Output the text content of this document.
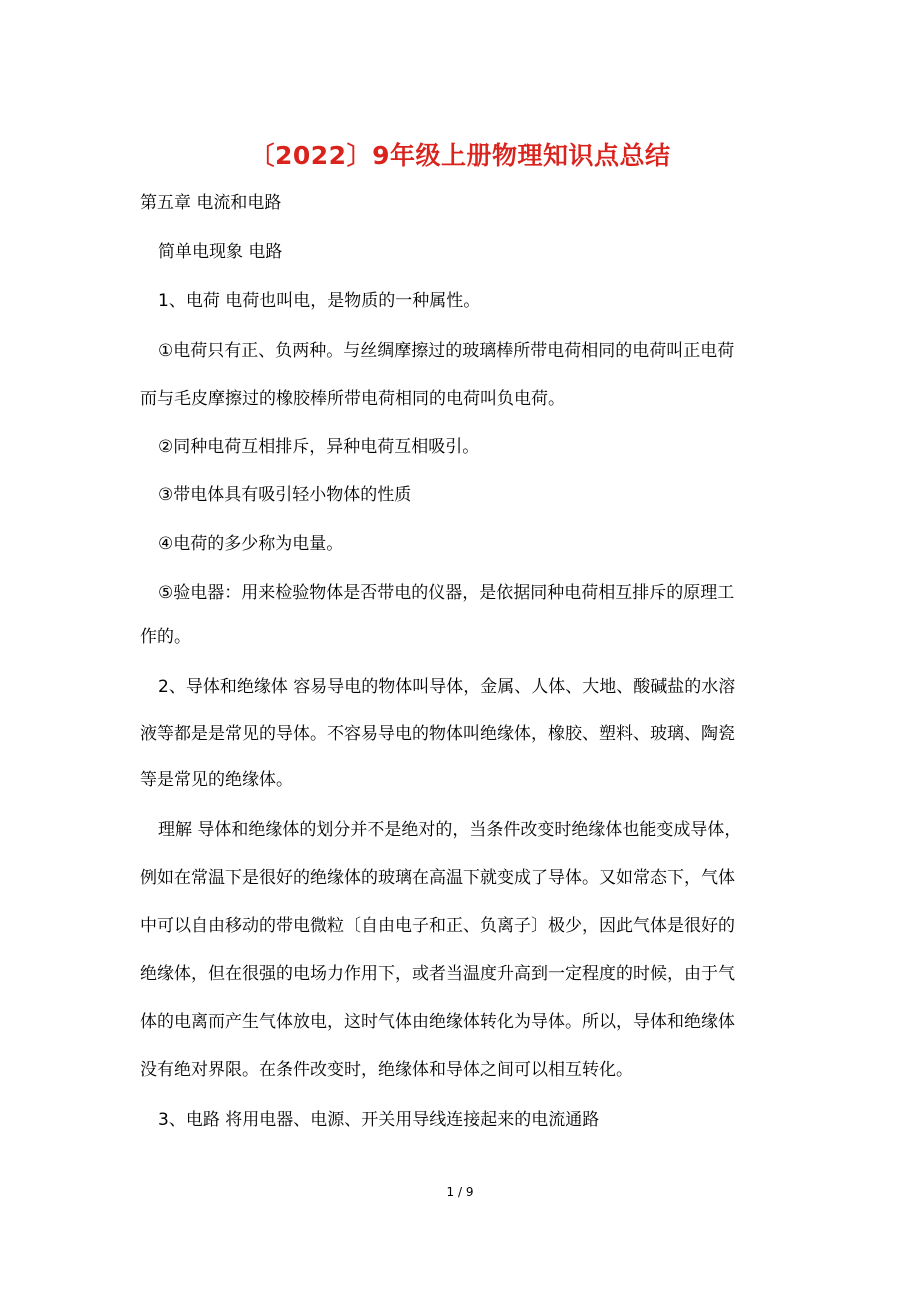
〔2022〕9年级上册物理知识点总结
第五章 电流和电路
简单电现象 电路
1、电荷 电荷也叫电，是物质的一种属性。
①电荷只有正、负两种。与丝绸摩擦过的玻璃棒所带电荷相同的电荷叫正电荷
而与毛皮摩擦过的橡胶棒所带电荷相同的电荷叫负电荷。
②同种电荷互相排斥，异种电荷互相吸引。
③带电体具有吸引轻小物体的性质
④电荷的多少称为电量。
⑤验电器：用来检验物体是否带电的仪器，是依据同种电荷相互排斥的原理工
作的。
2、导体和绝缘体 容易导电的物体叫导体，金属、人体、大地、酸碱盐的水溶
液等都是是常见的导体。不容易导电的物体叫绝缘体，橡胶、塑料、玻璃、陶瓷
等是常见的绝缘体。
理解 导体和绝缘体的划分并不是绝对的，当条件改变时绝缘体也能变成导体，
例如在常温下是很好的绝缘体的玻璃在高温下就变成了导体。又如常态下，气体
中可以自由移动的带电微粒〔自由电子和正、负离子〕极少，因此气体是很好的
绝缘体，但在很强的电场力作用下，或者当温度升高到一定程度的时候，由于气
体的电离而产生气体放电，这时气体由绝缘体转化为导体。所以，导体和绝缘体
没有绝对界限。在条件改变时，绝缘体和导体之间可以相互转化。
3、电路 将用电器、电源、开关用导线连接起来的电流通路
1 / 9
